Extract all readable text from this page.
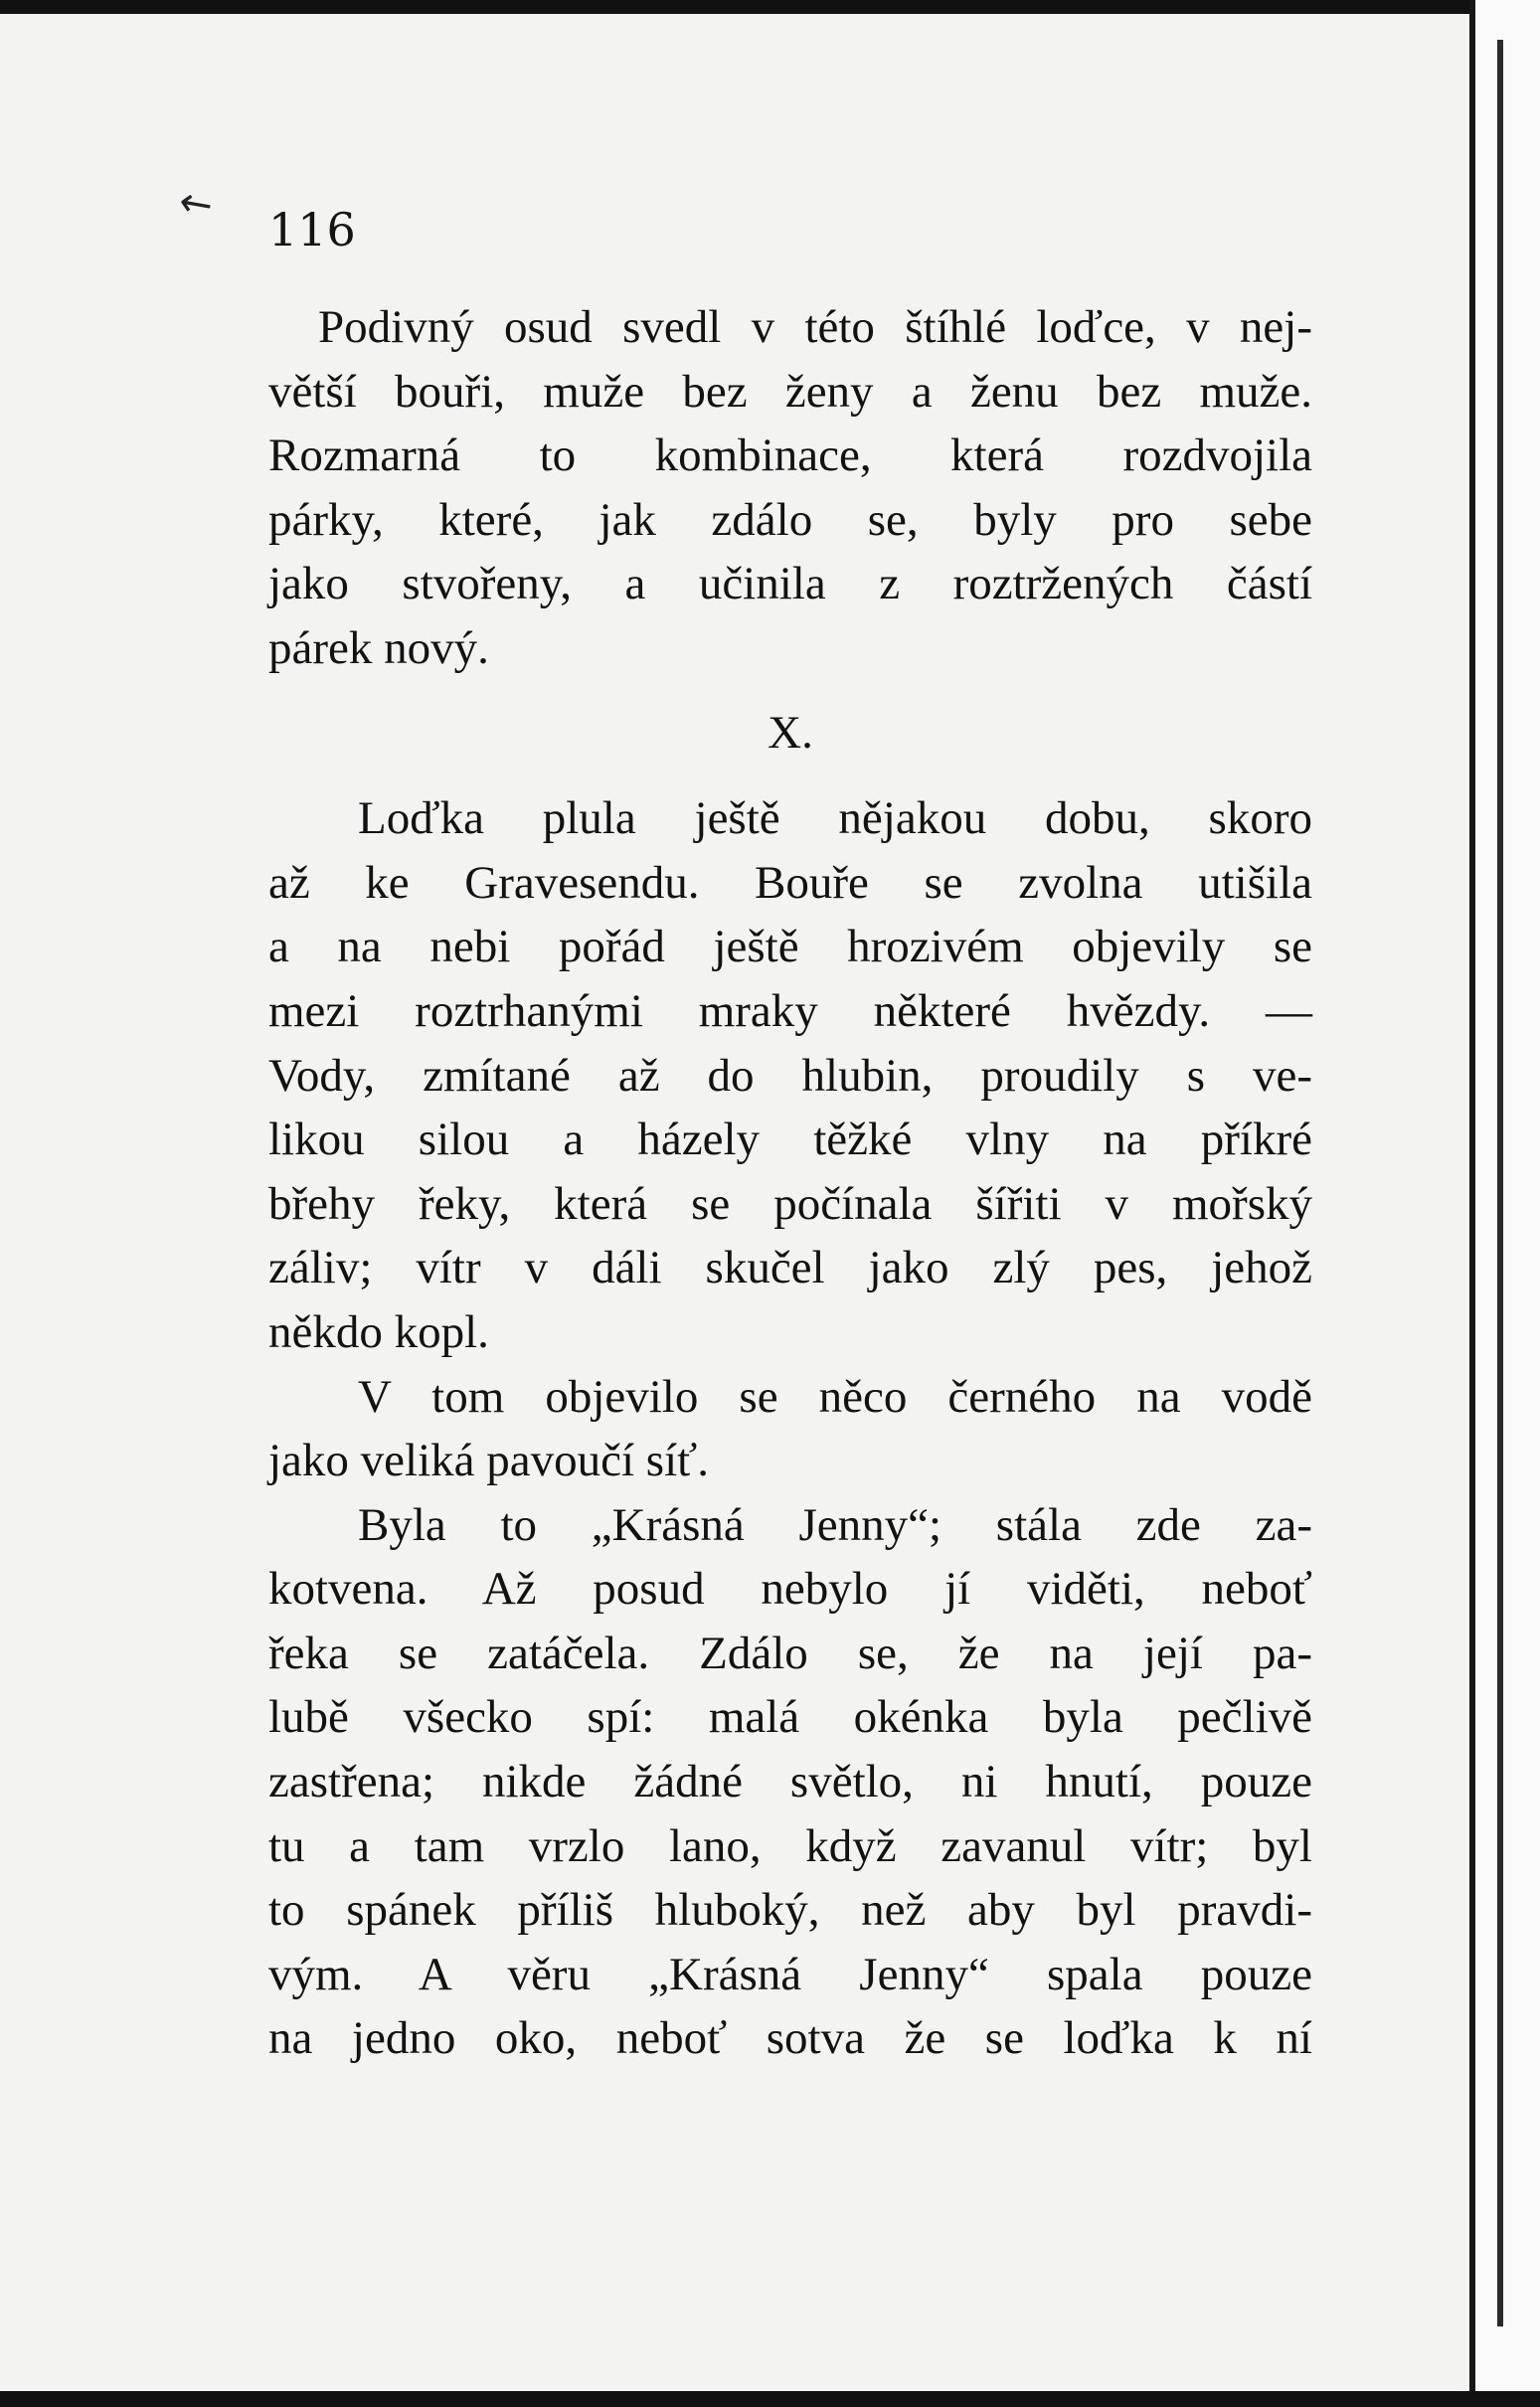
↖ 116
Podivný osud svedl v této štíhlé loďce, v nej-
větší bouři, muže bez ženy a ženu bez muže.
Rozmarná to kombinace, která rozdvojila
párky, které, jak zdálo se, byly pro sebe
jako stvořeny, a učinila z roztržených částí
párek nový.
X.
Loďka plula ještě nějakou dobu, skoro
až ke Gravesendu. Bouře se zvolna utišila
a na nebi pořád ještě hrozivém objevily se
mezi roztrhanými mraky některé hvězdy. —
Vody, zmítané až do hlubin, proudily s ve-
likou silou a házely těžké vlny na příkré
břehy řeky, která se počínala šířiti v mořský
záliv; vítr v dáli skučel jako zlý pes, jehož
někdo kopl.
V tom objevilo se něco černého na vodě
jako veliká pavoučí síť.
Byla to „Krásná Jenny“; stála zde za-
kotvena. Až posud nebylo jí viděti, neboť
řeka se zatáčela. Zdálo se, že na její pa-
lubě všecko spí: malá okénka byla pečlivě
zastřena; nikde žádné světlo, ni hnutí, pouze
tu a tam vrzlo lano, když zavanul vítr; byl
to spánek příliš hluboký, než aby byl pravdi-
vým. A věru „Krásná Jenny“ spala pouze
na jedno oko, neboť sotva že se loďka k ní
